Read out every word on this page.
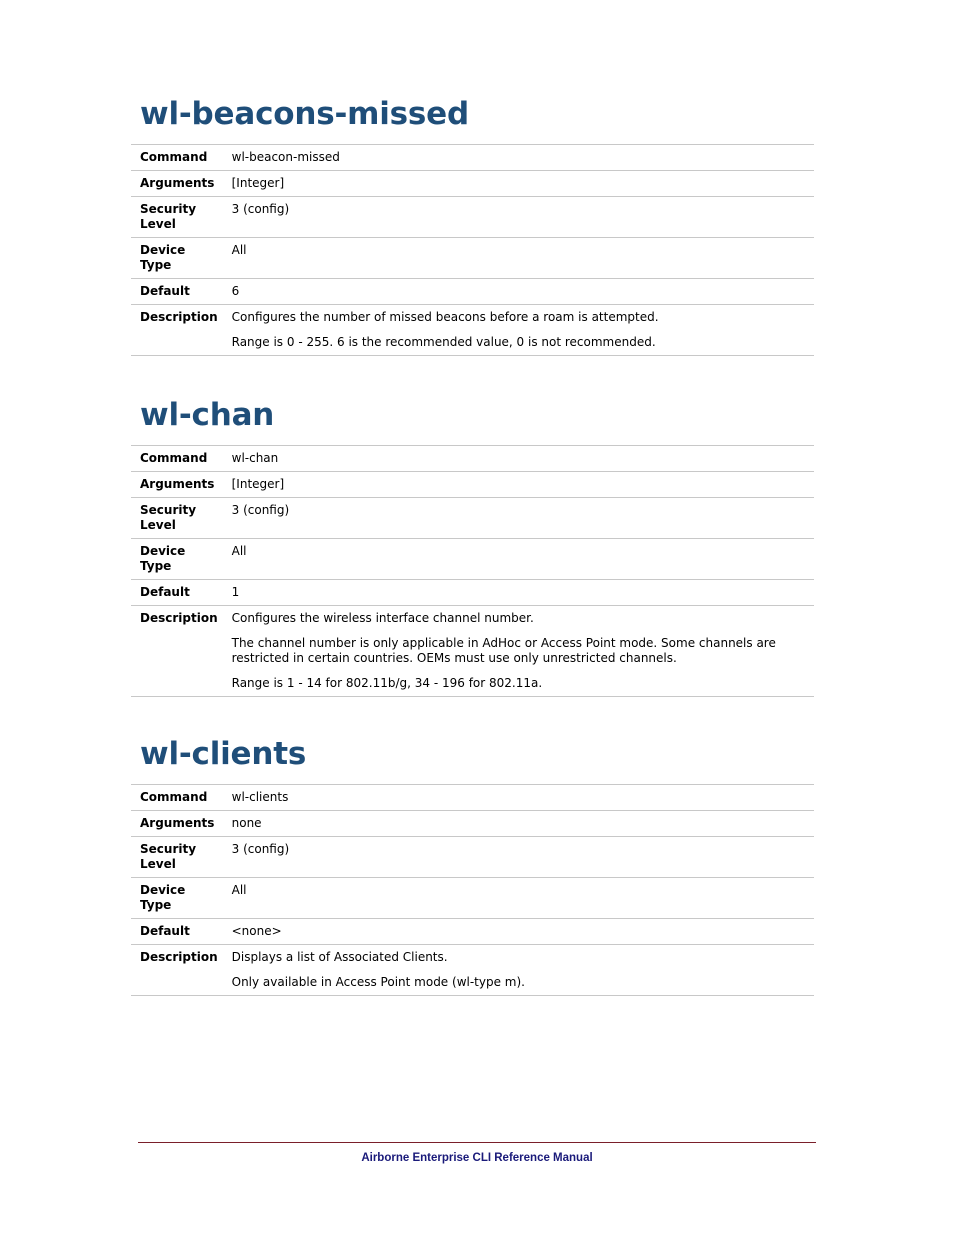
wl-beacons-missed
Command	wl-beacon-missed
Arguments	[Integer]
Security Level	3 (config)
Device Type	All
Default	6
Description	Configures the number of missed beacons before a roam is attempted.

Range is 0 - 255. 6 is the recommended value, 0 is not recommended.

wl-chan
Command	wl-chan
Arguments	[Integer]
Security Level	3 (config)
Device Type	All
Default	1
Description	Configures the wireless interface channel number.

The channel number is only applicable in AdHoc or Access Point mode. Some channels are restricted in certain countries. OEMs must use only unrestricted channels.

Range is 1 - 14 for 802.11b/g, 34 - 196 for 802.11a.

wl-clients
Command	wl-clients
Arguments	none
Security Level	3 (config)
Device Type	All
Default	<none>
Description	Displays a list of Associated Clients.

Only available in Access Point mode (wl-type m).

Airborne Enterprise CLI Reference Manual
